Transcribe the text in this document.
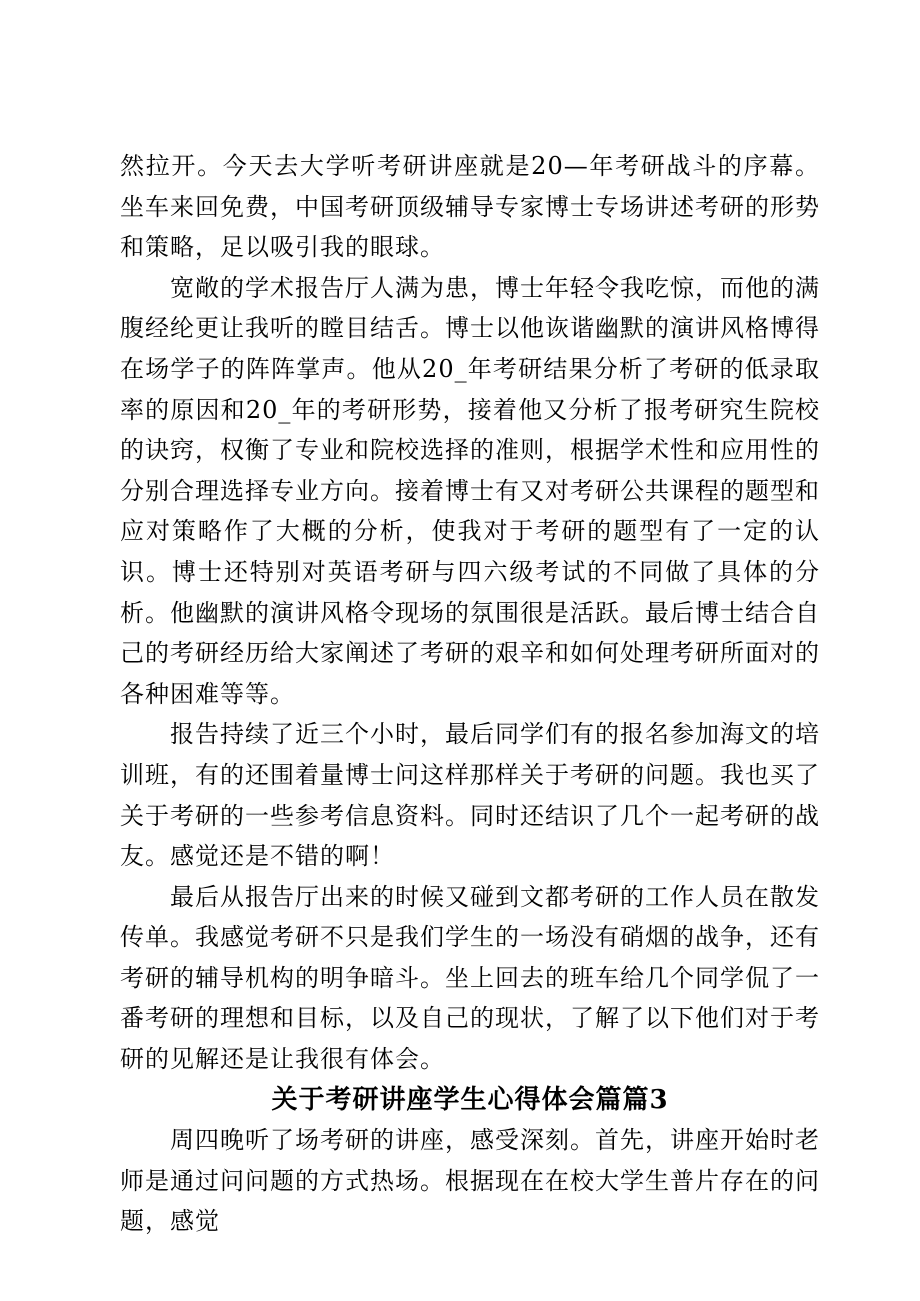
然拉开。今天去大学听考研讲座就是20—年考研战斗的序幕。坐车来回免费，中国考研顶级辅导专家博士专场讲述考研的形势和策略，足以吸引我的眼球。

宽敞的学术报告厅人满为患，博士年轻令我吃惊，而他的满腹经纶更让我听的瞠目结舌。博士以他诙谐幽默的演讲风格博得在场学子的阵阵掌声。他从20_年考研结果分析了考研的低录取率的原因和20_年的考研形势，接着他又分析了报考研究生院校的诀窍，权衡了专业和院校选择的准则，根据学术性和应用性的分别合理选择专业方向。接着博士有又对考研公共课程的题型和应对策略作了大概的分析，使我对于考研的题型有了一定的认识。博士还特别对英语考研与四六级考试的不同做了具体的分析。他幽默的演讲风格令现场的氛围很是活跃。最后博士结合自己的考研经历给大家阐述了考研的艰辛和如何处理考研所面对的各种困难等等。

报告持续了近三个小时，最后同学们有的报名参加海文的培训班，有的还围着量博士问这样那样关于考研的问题。我也买了关于考研的一些参考信息资料。同时还结识了几个一起考研的战友。感觉还是不错的啊！

最后从报告厅出来的时候又碰到文都考研的工作人员在散发传单。我感觉考研不只是我们学生的一场没有硝烟的战争，还有考研的辅导机构的明争暗斗。坐上回去的班车给几个同学侃了一番考研的理想和目标，以及自己的现状，了解了以下他们对于考研的见解还是让我很有体会。

关于考研讲座学生心得体会篇篇3

周四晚听了场考研的讲座，感受深刻。首先，讲座开始时老师是通过问问题的方式热场。根据现在在校大学生普片存在的问题，感觉
